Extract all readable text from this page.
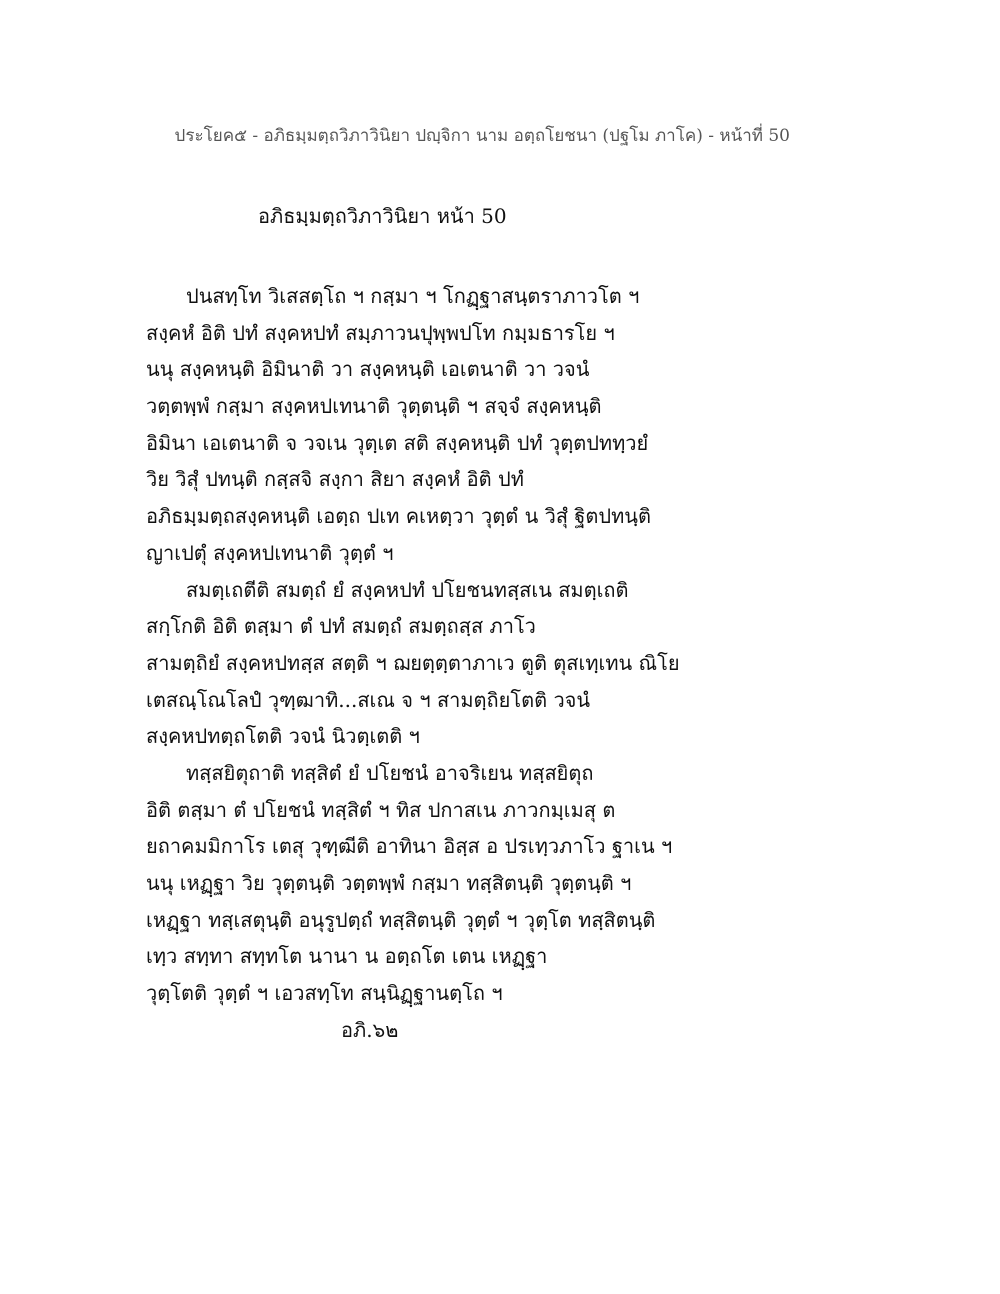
ประโยค๕ - อภิธมฺมตฺถวิภาวินิยา ปญฺจิกา นาม อตฺถโยชนา (ปฐโม ภาโค) - หน้าที่ 50
อภิธมฺมตฺถวิภาวินิยา หน้า 50
ปนสทฺโท วิเสสตฺโถ ฯ กสฺมา ฯ โกฏฺฐาสนฺตราภาวโต ฯ
สงฺคหํ อิติ ปทํ สงฺคหปทํ สมฺภาวนปุพฺพปโท กมฺมธารโย ฯ
นนุ สงฺคหนฺติ อิมินาติ วา สงฺคหนฺติ เอเตนาติ วา วจนํ
วตฺตพฺพํ กสฺมา สงฺคหปเทนาติ วุตฺตนฺติ ฯ สจฺจํ สงฺคหนฺติ
อิมินา เอเตนาติ จ วจเน วุตฺเต สติ สงฺคหนฺติ ปทํ วุตฺตปททฺวยํ
วิย วิสุํ ปทนฺติ กสฺสจิ สงฺกา สิยา สงฺคหํ อิติ ปทํ
อภิธมฺมตฺถสงฺคหนฺติ เอตฺถ ปเท คเหตฺวา วุตฺตํ น วิสุํ ฐิตปทนฺติ
ญาเปตุํ สงฺคหปเทนาติ วุตฺตํ ฯ
สมตฺเถตีติ สมตฺถํ ยํ สงฺคหปทํ ปโยชนทสฺสเน สมตฺเถติ
สกฺโกติ อิติ ตสฺมา ตํ ปทํ สมตฺถํ สมตฺถสฺส ภาโว
สามตฺถิยํ สงฺคหปทสฺส สตฺติ ฯ ฌยตฺตฺตาภาเว ตูติ ตุสเทฺเทน ณิโย
เตสณฺโณโลปํ วุฑฺฒาทิ...สเณ จ ฯ สามตฺถิยโตติ วจนํ
สงฺคหปทตฺถโตติ วจนํ นิวตฺเตติ ฯ
ทสฺสยิตุถาติ ทสฺสิตํ ยํ ปโยชนํ อาจริเยน ทสฺสยิตุถ
อิติ ตสฺมา ตํ ปโยชนํ ทสฺสิตํ ฯ ทิส ปกาสเน ภาวกมฺเมสุ ต
ยถาคมมิกาโร เตสุ วุฑฺฒีติ อาทินา อิสฺส อ ปรเทฺวภาโว ฐาเน ฯ
นนุ เหฏฺฐา วิย วุตฺตนฺติ วตฺตพฺพํ กสฺมา ทสฺสิตนฺติ วุตฺตนฺติ ฯ
เหฏฺฐา ทสฺเสตุนฺติ อนุรูปตฺถํ ทสฺสิตนฺติ วุตฺตํ ฯ วุตฺโต ทสฺสิตนฺติ
เทฺว สทฺทา สทฺทโต นานา น อตฺถโต เตน เหฏฺฐา
วุตฺโตติ วุตฺตํ ฯ เอวสทฺโท สนฺนิฏฺฐานตฺโถ ฯ
อภิ.๖๒
